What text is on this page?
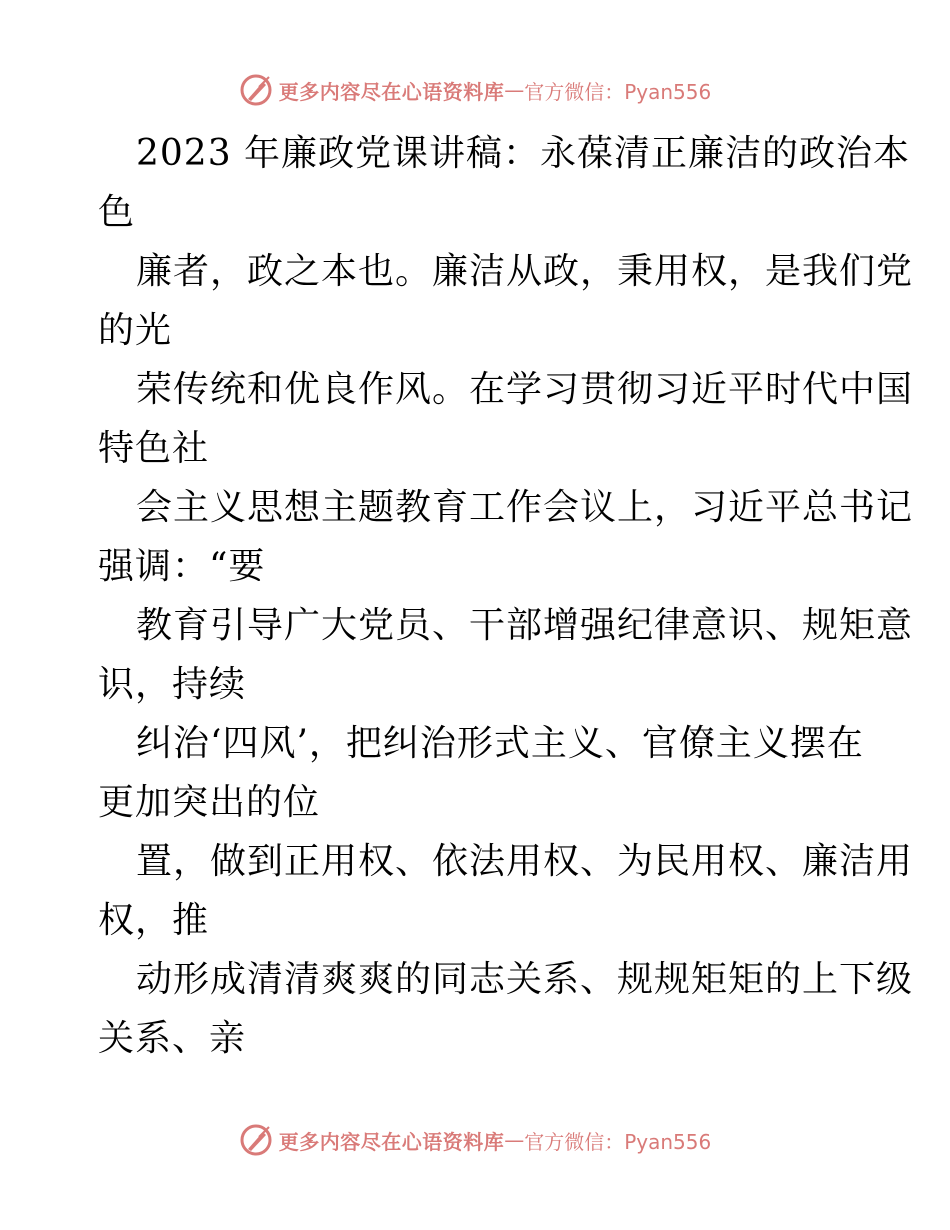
更多内容尽在心语资料库 — 官方微信：Pyan556
2023 年廉政党课讲稿：永葆清正廉洁的政治本
色
廉者，政之本也。廉洁从政，秉用权，是我们党
的光
荣传统和优良作风。在学习贯彻习近平时代中国
特色社
会主义思想主题教育工作会议上，习近平总书记
强调：“要
教育引导广大党员、干部增强纪律意识、规矩意
识，持续
纠治‘四风’，把纠治形式主义、官僚主义摆在
更加突出的位
置，做到正用权、依法用权、为民用权、廉洁用
权，推
动形成清清爽爽的同志关系、规规矩矩的上下级
关系、亲
更多内容尽在心语资料库 — 官方微信：Pyan556
